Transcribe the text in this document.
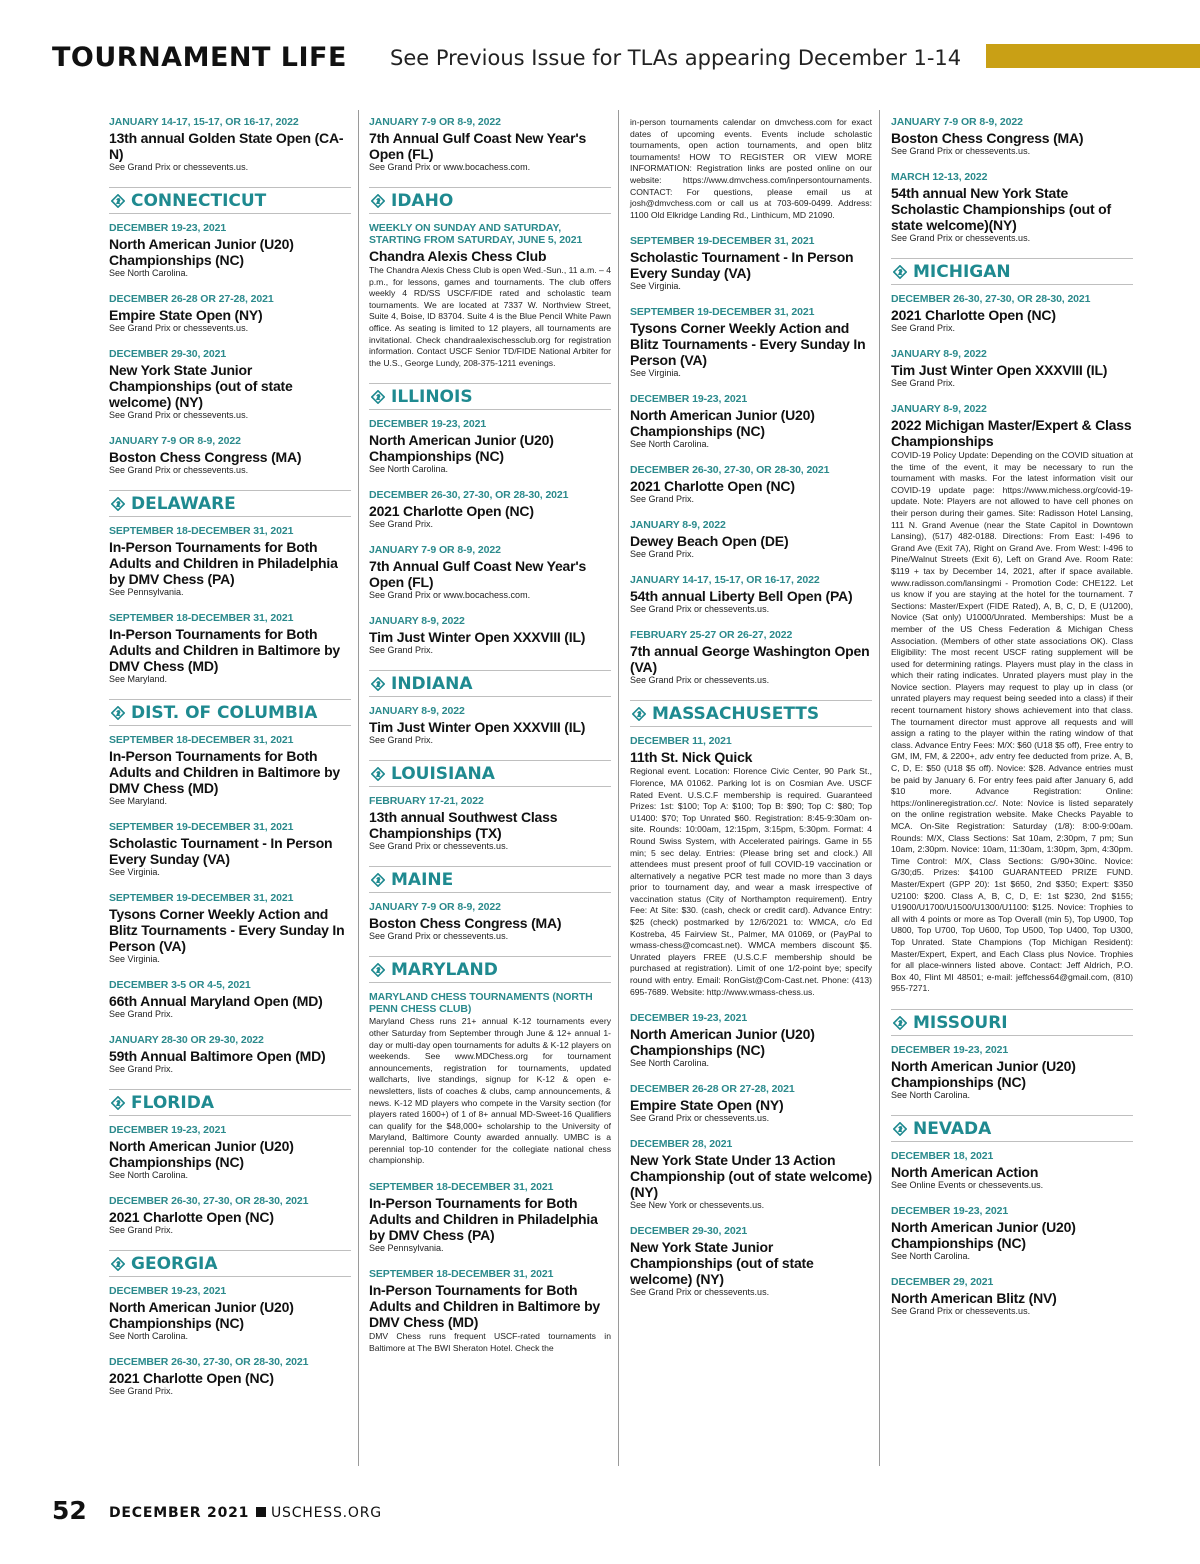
TOURNAMENT LIFE See Previous Issue for TLAs appearing December 1-14
JANUARY 14-17, 15-17, OR 16-17, 2022
13th annual Golden State Open (CA-N)
See Grand Prix or chessevents.us.
CONNECTICUT
DECEMBER 19-23, 2021
North American Junior (U20) Championships (NC)
See North Carolina.
DECEMBER 26-28 OR 27-28, 2021
Empire State Open (NY)
See Grand Prix or chessevents.us.
DECEMBER 29-30, 2021
New York State Junior Championships (out of state welcome) (NY)
See Grand Prix or chessevents.us.
JANUARY 7-9 OR 8-9, 2022
Boston Chess Congress (MA)
See Grand Prix or chessevents.us.
DELAWARE
SEPTEMBER 18-DECEMBER 31, 2021
In-Person Tournaments for Both Adults and Children in Philadelphia by DMV Chess (PA)
See Pennsylvania.
SEPTEMBER 18-DECEMBER 31, 2021
In-Person Tournaments for Both Adults and Children in Baltimore by DMV Chess (MD)
See Maryland.
DIST. OF COLUMBIA
SEPTEMBER 18-DECEMBER 31, 2021
In-Person Tournaments for Both Adults and Children in Baltimore by DMV Chess (MD)
See Maryland.
SEPTEMBER 19-DECEMBER 31, 2021
Scholastic Tournament - In Person Every Sunday (VA)
See Virginia.
SEPTEMBER 19-DECEMBER 31, 2021
Tysons Corner Weekly Action and Blitz Tournaments - Every Sunday In Person (VA)
See Virginia.
DECEMBER 3-5 OR 4-5, 2021
66th Annual Maryland Open (MD)
See Grand Prix.
JANUARY 28-30 OR 29-30, 2022
59th Annual Baltimore Open (MD)
See Grand Prix.
FLORIDA
DECEMBER 19-23, 2021
North American Junior (U20) Championships (NC)
See North Carolina.
DECEMBER 26-30, 27-30, OR 28-30, 2021
2021 Charlotte Open (NC)
See Grand Prix.
GEORGIA
DECEMBER 19-23, 2021
North American Junior (U20) Championships (NC)
See North Carolina.
DECEMBER 26-30, 27-30, OR 28-30, 2021
2021 Charlotte Open (NC)
See Grand Prix.
JANUARY 7-9 OR 8-9, 2022
7th Annual Gulf Coast New Year's Open (FL)
See Grand Prix or www.bocachess.com.
IDAHO
WEEKLY ON SUNDAY AND SATURDAY, STARTING FROM SATURDAY, JUNE 5, 2021
Chandra Alexis Chess Club
The Chandra Alexis Chess Club is open Wed.-Sun., 11 a.m. – 4 p.m., for lessons, games and tournaments. The club offers weekly 4 RD/SS USCF/FIDE rated and scholastic team tournaments. We are located at 7337 W. Northview Street, Suite 4, Boise, ID 83704. Suite 4 is the Blue Pencil White Pawn office. As seating is limited to 12 players, all tournaments are invitational. Check chandraalexischessclub.org for registration information. Contact USCF Senior TD/FIDE National Arbiter for the U.S., George Lundy, 208-375-1211 evenings.
ILLINOIS
DECEMBER 19-23, 2021
North American Junior (U20) Championships (NC)
See North Carolina.
DECEMBER 26-30, 27-30, OR 28-30, 2021
2021 Charlotte Open (NC)
See Grand Prix.
JANUARY 7-9 OR 8-9, 2022
7th Annual Gulf Coast New Year's Open (FL)
See Grand Prix or www.bocachess.com.
JANUARY 8-9, 2022
Tim Just Winter Open XXXVIII (IL)
See Grand Prix.
INDIANA
JANUARY 8-9, 2022
Tim Just Winter Open XXXVIII (IL)
See Grand Prix.
LOUISIANA
FEBRUARY 17-21, 2022
13th annual Southwest Class Championships (TX)
See Grand Prix or chessevents.us.
MAINE
JANUARY 7-9 OR 8-9, 2022
Boston Chess Congress (MA)
See Grand Prix or chessevents.us.
MARYLAND
MARYLAND CHESS TOURNAMENTS (NORTH PENN CHESS CLUB)
Maryland Chess runs 21+ annual K-12 tournaments every other Saturday from September through June & 12+ annual 1-day or multi-day open tournaments for adults & K-12 players on weekends. See www.MDChess.org for tournament announcements, registration for tournaments, updated wallcharts, live standings, signup for K-12 & open e-newsletters, lists of coaches & clubs, camp announcements, & news. K-12 MD players who compete in the Varsity section (for players rated 1600+) of 1 of 8+ annual MD-Sweet-16 Qualifiers can qualify for the $48,000+ scholarship to the University of Maryland, Baltimore County awarded annually. UMBC is a perennial top-10 contender for the collegiate national chess championship.
SEPTEMBER 18-DECEMBER 31, 2021
In-Person Tournaments for Both Adults and Children in Philadelphia by DMV Chess (PA)
See Pennsylvania.
SEPTEMBER 18-DECEMBER 31, 2021
In-Person Tournaments for Both Adults and Children in Baltimore by DMV Chess (MD)
DMV Chess runs frequent USCF-rated tournaments in Baltimore at The BWI Sheraton Hotel. Check the
in-person tournaments calendar on dmvchess.com for exact dates of upcoming events. Events include scholastic tournaments, open action tournaments, and open blitz tournaments! HOW TO REGISTER OR VIEW MORE INFORMATION: Registration links are posted online on our website: https://www.dmvchess.com/inpersontournaments. CONTACT: For questions, please email us at josh@dmvchess.com or call us at 703-609-0499. Address: 1100 Old Elkridge Landing Rd., Linthicum, MD 21090.
SEPTEMBER 19-DECEMBER 31, 2021
Scholastic Tournament - In Person Every Sunday (VA)
See Virginia.
SEPTEMBER 19-DECEMBER 31, 2021
Tysons Corner Weekly Action and Blitz Tournaments - Every Sunday In Person (VA)
See Virginia.
DECEMBER 19-23, 2021
North American Junior (U20) Championships (NC)
See North Carolina.
DECEMBER 26-30, 27-30, OR 28-30, 2021
2021 Charlotte Open (NC)
See Grand Prix.
JANUARY 8-9, 2022
Dewey Beach Open (DE)
See Grand Prix.
JANUARY 14-17, 15-17, OR 16-17, 2022
54th annual Liberty Bell Open (PA)
See Grand Prix or chessevents.us.
FEBRUARY 25-27 OR 26-27, 2022
7th annual George Washington Open (VA)
See Grand Prix or chessevents.us.
MASSACHUSETTS
DECEMBER 11, 2021
11th St. Nick Quick
Regional event. Location: Florence Civic Center, 90 Park St., Florence, MA 01062. Parking lot is on Cosmian Ave. USCF Rated Event. U.S.C.F membership is required. Guaranteed Prizes: 1st: $100; Top A: $100; Top B: $90; Top C: $80; Top U1400: $70; Top Unrated $60. Registration: 8:45-9:30am on-site. Rounds: 10:00am, 12:15pm, 3:15pm, 5:30pm. Format: 4 Round Swiss System, with Accelerated pairings. Game in 55 min; 5 sec delay. Entries: (Please bring set and clock.) All attendees must present proof of full COVID-19 vaccination or alternatively a negative PCR test made no more than 3 days prior to tournament day, and wear a mask irrespective of vaccination status (City of Northampton requirement). Entry Fee: At Site: $30. (cash, check or credit card). Advance Entry: $25 (check) postmarked by 12/6/2021 to: WMCA, c/o Ed Kostreba, 45 Fairview St., Palmer, MA 01069, or (PayPal to wmass-chess@comcast.net). WMCA members discount $5. Unrated players FREE (U.S.C.F membership should be purchased at registration). Limit of one 1/2-point bye; specify round with entry. Email: RonGist@Com-Cast.net. Phone: (413) 695-7689. Website: http://www.wmass-chess.us.
DECEMBER 19-23, 2021
North American Junior (U20) Championships (NC)
See North Carolina.
DECEMBER 26-28 OR 27-28, 2021
Empire State Open (NY)
See Grand Prix or chessevents.us.
DECEMBER 28, 2021
New York State Under 13 Action Championship (out of state welcome) (NY)
See New York or chessevents.us.
DECEMBER 29-30, 2021
New York State Junior Championships (out of state welcome) (NY)
See Grand Prix or chessevents.us.
JANUARY 7-9 OR 8-9, 2022
Boston Chess Congress (MA)
See Grand Prix or chessevents.us.
MARCH 12-13, 2022
54th annual New York State Scholastic Championships (out of state welcome)(NY)
See Grand Prix or chessevents.us.
MICHIGAN
DECEMBER 26-30, 27-30, OR 28-30, 2021
2021 Charlotte Open (NC)
See Grand Prix.
JANUARY 8-9, 2022
Tim Just Winter Open XXXVIII (IL)
See Grand Prix.
JANUARY 8-9, 2022
2022 Michigan Master/Expert & Class Championships
COVID-19 Policy Update: Depending on the COVID situation at the time of the event, it may be necessary to run the tournament with masks. For the latest information visit our COVID-19 update page: https://www.michess.org/covid-19-update. Note: Players are not allowed to have cell phones on their person during their games. Site: Radisson Hotel Lansing, 111 N. Grand Avenue (near the State Capitol in Downtown Lansing), (517) 482-0188. Directions: From East: I-496 to Grand Ave (Exit 7A), Right on Grand Ave. From West: I-496 to Pine/Walnut Streets (Exit 6), Left on Grand Ave. Room Rate: $119 + tax by December 14, 2021, after if space available. www.radisson.com/lansingmi - Promotion Code: CHE122. Let us know if you are staying at the hotel for the tournament. 7 Sections: Master/Expert (FIDE Rated), A, B, C, D, E (U1200), Novice (Sat only) U1000/Unrated. Memberships: Must be a member of the US Chess Federation & Michigan Chess Association. (Members of other state associations OK). Class Eligibility: The most recent USCF rating supplement will be used for determining ratings. Players must play in the class in which their rating indicates. Unrated players must play in the Novice section. Players may request to play up in class (or unrated players may request being seeded into a class) if their recent tournament history shows achievement into that class. The tournament director must approve all requests and will assign a rating to the player within the rating window of that class. Advance Entry Fees: M/X: $60 (U18 $5 off), Free entry to GM, IM, FM, & 2200+, adv entry fee deducted from prize. A, B, C, D, E: $50 (U18 $5 off). Novice: $28. Advance entries must be paid by January 6. For entry fees paid after January 6, add $10 more. Advance Registration: Online: https://onlineregistration.cc/. Note: Novice is listed separately on the online registration website. Make Checks Payable to MCA. On-Site Registration: Saturday (1/8): 8:00-9:00am. Rounds: M/X, Class Sections: Sat 10am, 2:30pm, 7 pm; Sun 10am, 2:30pm. Novice: 10am, 11:30am, 1:30pm, 3pm, 4:30pm. Time Control: M/X, Class Sections: G/90+30inc. Novice: G/30;d5. Prizes: $4100 GUARANTEED PRIZE FUND. Master/Expert (GPP 20): 1st $650, 2nd $350; Expert: $350 U2100: $200. Class A, B, C, D, E: 1st $230, 2nd $155; U1900/U1700/U1500/U1300/U1100: $125. Novice: Trophies to all with 4 points or more as Top Overall (min 5), Top U900, Top U800, Top U700, Top U600, Top U500, Top U400, Top U300, Top Unrated. State Champions (Top Michigan Resident): Master/Expert, Expert, and Each Class plus Novice. Trophies for all place-winners listed above. Contact: Jeff Aldrich, P.O. Box 40, Flint MI 48501; e-mail: jeffchess64@gmail.com, (810) 955-7271.
MISSOURI
DECEMBER 19-23, 2021
North American Junior (U20) Championships (NC)
See North Carolina.
NEVADA
DECEMBER 18, 2021
North American Action
See Online Events or chessevents.us.
DECEMBER 19-23, 2021
North American Junior (U20) Championships (NC)
See North Carolina.
DECEMBER 29, 2021
North American Blitz (NV)
See Grand Prix or chessevents.us.
52 DECEMBER 2021 USCHESS.ORG
